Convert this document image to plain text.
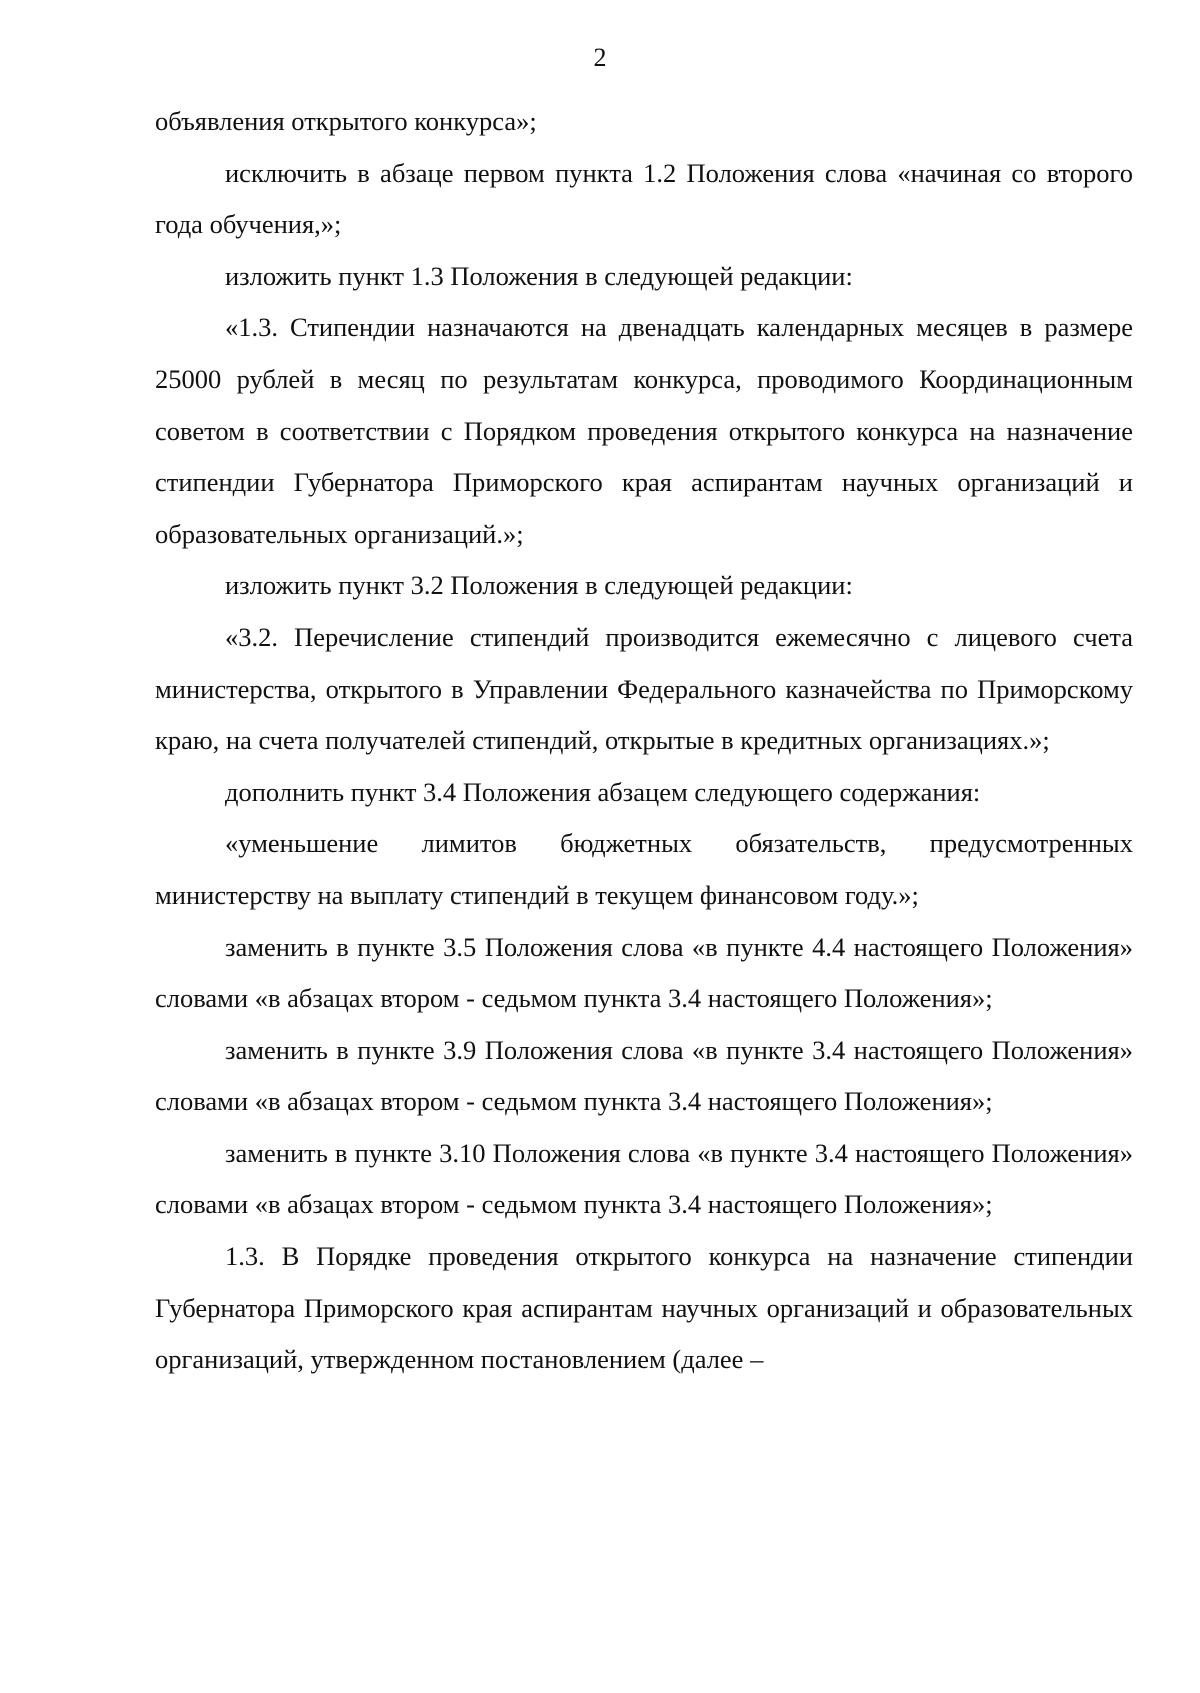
2

объявления открытого конкурса»;

исключить в абзаце первом пункта 1.2 Положения слова «начиная со второго года обучения,»;

изложить пункт 1.3 Положения в следующей редакции:

«1.3. Стипендии назначаются на двенадцать календарных месяцев в размере 25000 рублей в месяц по результатам конкурса, проводимого Координационным советом в соответствии с Порядком проведения открытого конкурса на назначение стипендии Губернатора Приморского края аспирантам научных организаций и образовательных организаций.»;

изложить пункт 3.2 Положения в следующей редакции:

«3.2. Перечисление стипендий производится ежемесячно с лицевого счета министерства, открытого в Управлении Федерального казначейства по Приморскому краю, на счета получателей стипендий, открытые в кредитных организациях.»;

дополнить пункт 3.4 Положения абзацем следующего содержания:

«уменьшение лимитов бюджетных обязательств, предусмотренных министерству на выплату стипендий в текущем финансовом году.»;

заменить в пункте 3.5 Положения слова «в пункте 4.4 настоящего Положения» словами «в абзацах втором - седьмом пункта 3.4 настоящего Положения»;

заменить в пункте 3.9 Положения слова «в пункте 3.4 настоящего Положения» словами «в абзацах втором - седьмом пункта 3.4 настоящего Положения»;

заменить в пункте 3.10 Положения слова «в пункте 3.4 настоящего Положения» словами «в абзацах втором - седьмом пункта 3.4 настоящего Положения»;

1.3. В Порядке проведения открытого конкурса на назначение стипендии Губернатора Приморского края аспирантам научных организаций и образовательных организаций, утвержденном постановлением (далее –
